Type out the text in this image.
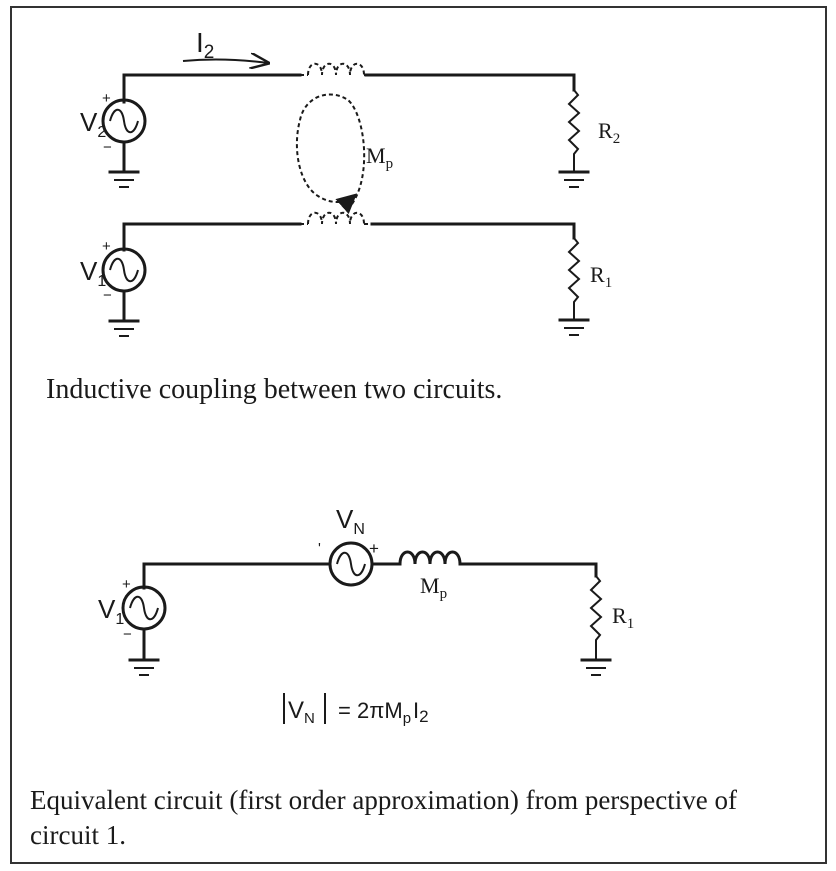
$I_2$
+
−
$V_2$	$R_2$
$M_p$
+
−
$V_1$	$R_1$
+
−
$V_1$
$V_N$
'	+
$M_p$
$R_1$
$V_N = 2\pi M_pI2$
Inductive coupling between two circuits.
Equivalent circuit (first order approximation) from perspective of circuit 1.
